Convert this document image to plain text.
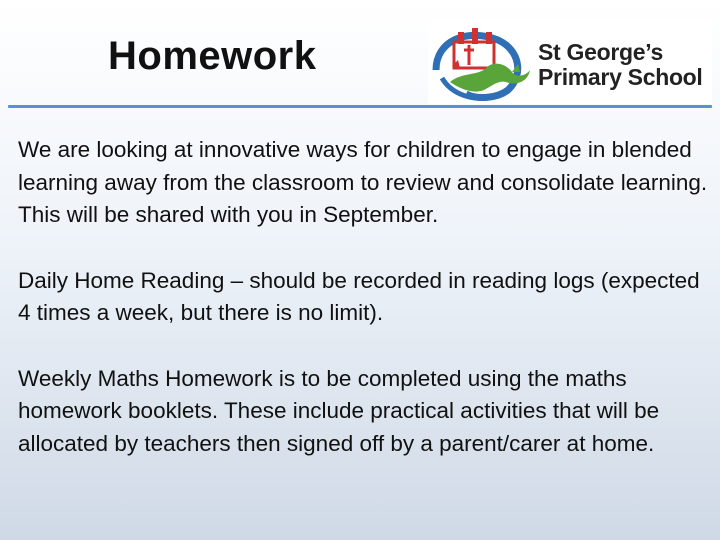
Homework	St George’s
Primary School

We are looking at innovative ways for children to engage in blended learning away from the classroom to review and consolidate learning. This will be shared with you in September.

Daily Home Reading – should be recorded in reading logs (expected 4 times a week, but there is no limit).

Weekly Maths Homework is to be completed using the maths homework booklets. These include practical activities that will be allocated by teachers then signed off by a parent/carer at home.
